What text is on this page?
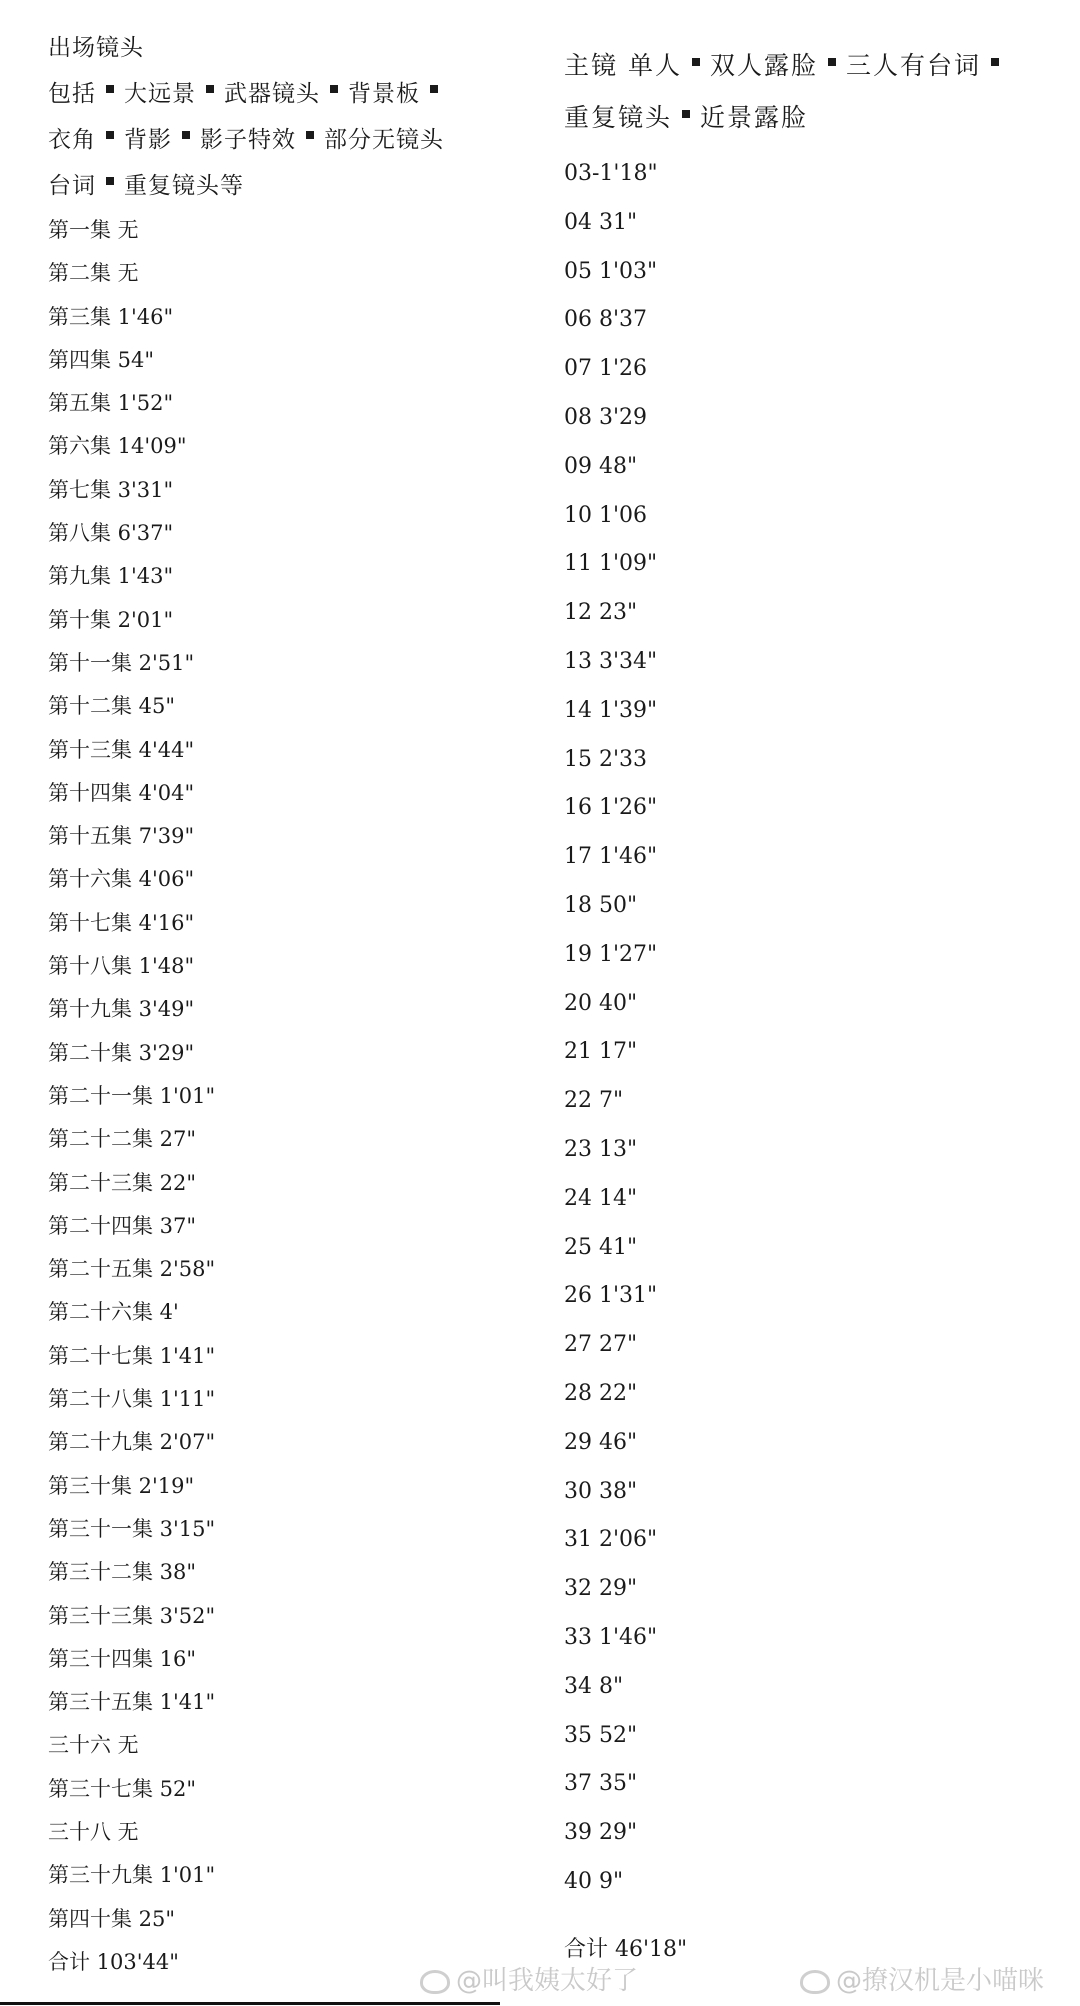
出场镜头
包括 大远景 武器镜头 背景板
衣角 背影 影子特效 部分无镜头
台词 重复镜头等
第一集 无
第二集 无
第三集 1'46"
第四集 54"
第五集 1'52"
第六集 14'09"
第七集 3'31"
第八集 6'37"
第九集 1'43"
第十集 2'01"
第十一集 2'51"
第十二集 45"
第十三集 4'44"
第十四集 4'04"
第十五集 7'39"
第十六集 4'06"
第十七集 4'16"
第十八集 1'48"
第十九集 3'49"
第二十集 3'29"
第二十一集 1'01"
第二十二集 27"
第二十三集 22"
第二十四集 37"
第二十五集 2'58"
第二十六集 4'
第二十七集 1'41"
第二十八集 1'11"
第二十九集 2'07"
第三十集 2'19"
第三十一集 3'15"
第三十二集 38"
第三十三集 3'52"
第三十四集 16"
第三十五集 1'41"
三十六 无
第三十七集 52"
三十八 无
第三十九集 1'01"
第四十集 25"
合计 103'44"
主镜 单人 双人露脸 三人有台词
重复镜头 近景露脸
03-1'18"
04 31"
05 1'03"
06 8'37
07 1'26
08 3'29
09 48"
10 1'06
11 1'09"
12 23"
13 3'34"
14 1'39"
15 2'33
16 1'26"
17 1'46"
18 50"
19 1'27"
20 40"
21 17"
22 7"
23 13"
24 14"
25 41"
26 1'31"
27 27"
28 22"
29 46"
30 38"
31 2'06"
32 29"
33 1'46"
34 8"
35 52"
37 35"
39 29"
40 9"
合计 46'18"
@叫我姨太好了	@撩汉机是小喵咪
